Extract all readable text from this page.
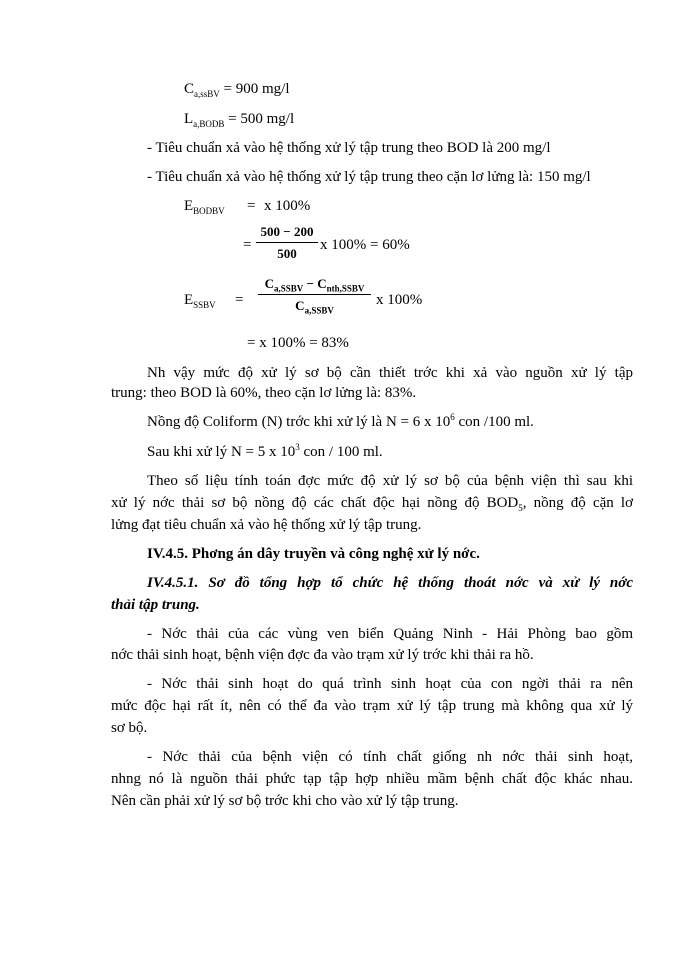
$C_{a,ssBV} = 900$ mg/l
$L_{a,BODB} = 500$ mg/l
- Tiêu chuẩn xả vào hệ thống xử lý tập trung theo BOD là 200 mg/l
- Tiêu chuẩn xả vào hệ thống xử lý tập trung theo cặn lơ lửng là: 150 mg/l
$E_{BODBV} = x$ 100%
= $\frac{500 - 200}{500}$ x 100% = 60%
$E_{SSBV}$ =
$C_{a,SSBV} - C_{nth,SSBV}$
$C_{a,SSBV}$
x 100%
= x 100% = 83%
Nh vậy mức độ xử lý sơ bộ cần thiết trớc khi xả vào nguồn xử lý tập
trung: theo BOD là 60%, theo cặn lơ lửng là: 83%.
Nồng độ Coliform (N) trớc khi xử lý là N = 6 x $10^6$ con /100 ml.
Sau khi xử lý N = 5 x $10^3$ con / 100 ml.
Theo số liệu tính toán đợc mức độ xử lý sơ bộ của bệnh viện thì sau khi
xử lý nớc thải sơ bộ nồng độ các chất độc hại nồng độ $BOD_5$, nồng độ cặn lơ
lửng đạt tiêu chuẩn xả vào hệ thống xử lý tập trung.
IV.4.5. Phơng án dây truyền và công nghệ xử lý nớc.
IV.4.5.1. Sơ đồ tổng hợp tổ chức hệ thống thoát nớc và xử lý nớc
thải tập trung.
- Nớc thải của các vùng ven biển Quảng Ninh - Hải Phòng bao gồm
nớc thải sinh hoạt, bệnh viện đợc đa vào trạm xử lý trớc khi thải ra hồ.
- Nớc thải sinh hoạt do quá trình sinh hoạt của con ngời thải ra nên
mức độc hại rất ít, nên có thể đa vào trạm xử lý tập trung mà không qua xử lý
sơ bộ.
- Nớc thải của bệnh viện có tính chất giống nh nớc thải sinh hoạt,
nhng nó là nguồn thải phức tạp tập hợp nhiều mầm bệnh chất độc khác nhau.
Nên cần phải xử lý sơ bộ trớc khi cho vào xử lý tập trung.
